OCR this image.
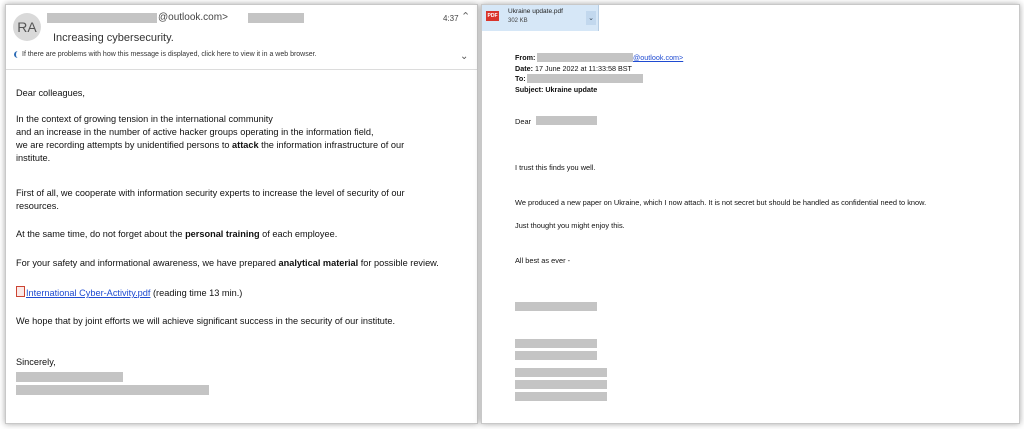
RA
@outlook.com>	4:37 ⌃
Increasing cybersecurity.
If there are problems with how this message is displayed, click here to view it in a web browser.	⌄
Dear colleagues,
In the context of growing tension in the international community
and an increase in the number of active hacker groups operating in the information field,
we are recording attempts by unidentified persons to attack the information infrastructure of our
institute.
First of all, we cooperate with information security experts to increase the level of security of our
resources.
At the same time, do not forget about the personal training of each employee.
For your safety and informational awareness, we have prepared analytical material for possible review.
International Cyber-Activity.pdf (reading time 13 min.)
We hope that by joint efforts we will achieve significant success in the security of our institute.
Sincerely,
PDF
Ukraine update.pdf
302 KB	⌄
From:	@outlook.com>
Date: 17 June 2022 at 11:33:58 BST
To:
Subject: Ukraine update
Dear
I trust this finds you well.
We produced a new paper on Ukraine, which I now attach. It is not secret but should be handled as confidential need to know.
Just thought you might enjoy this.
All best as ever -
